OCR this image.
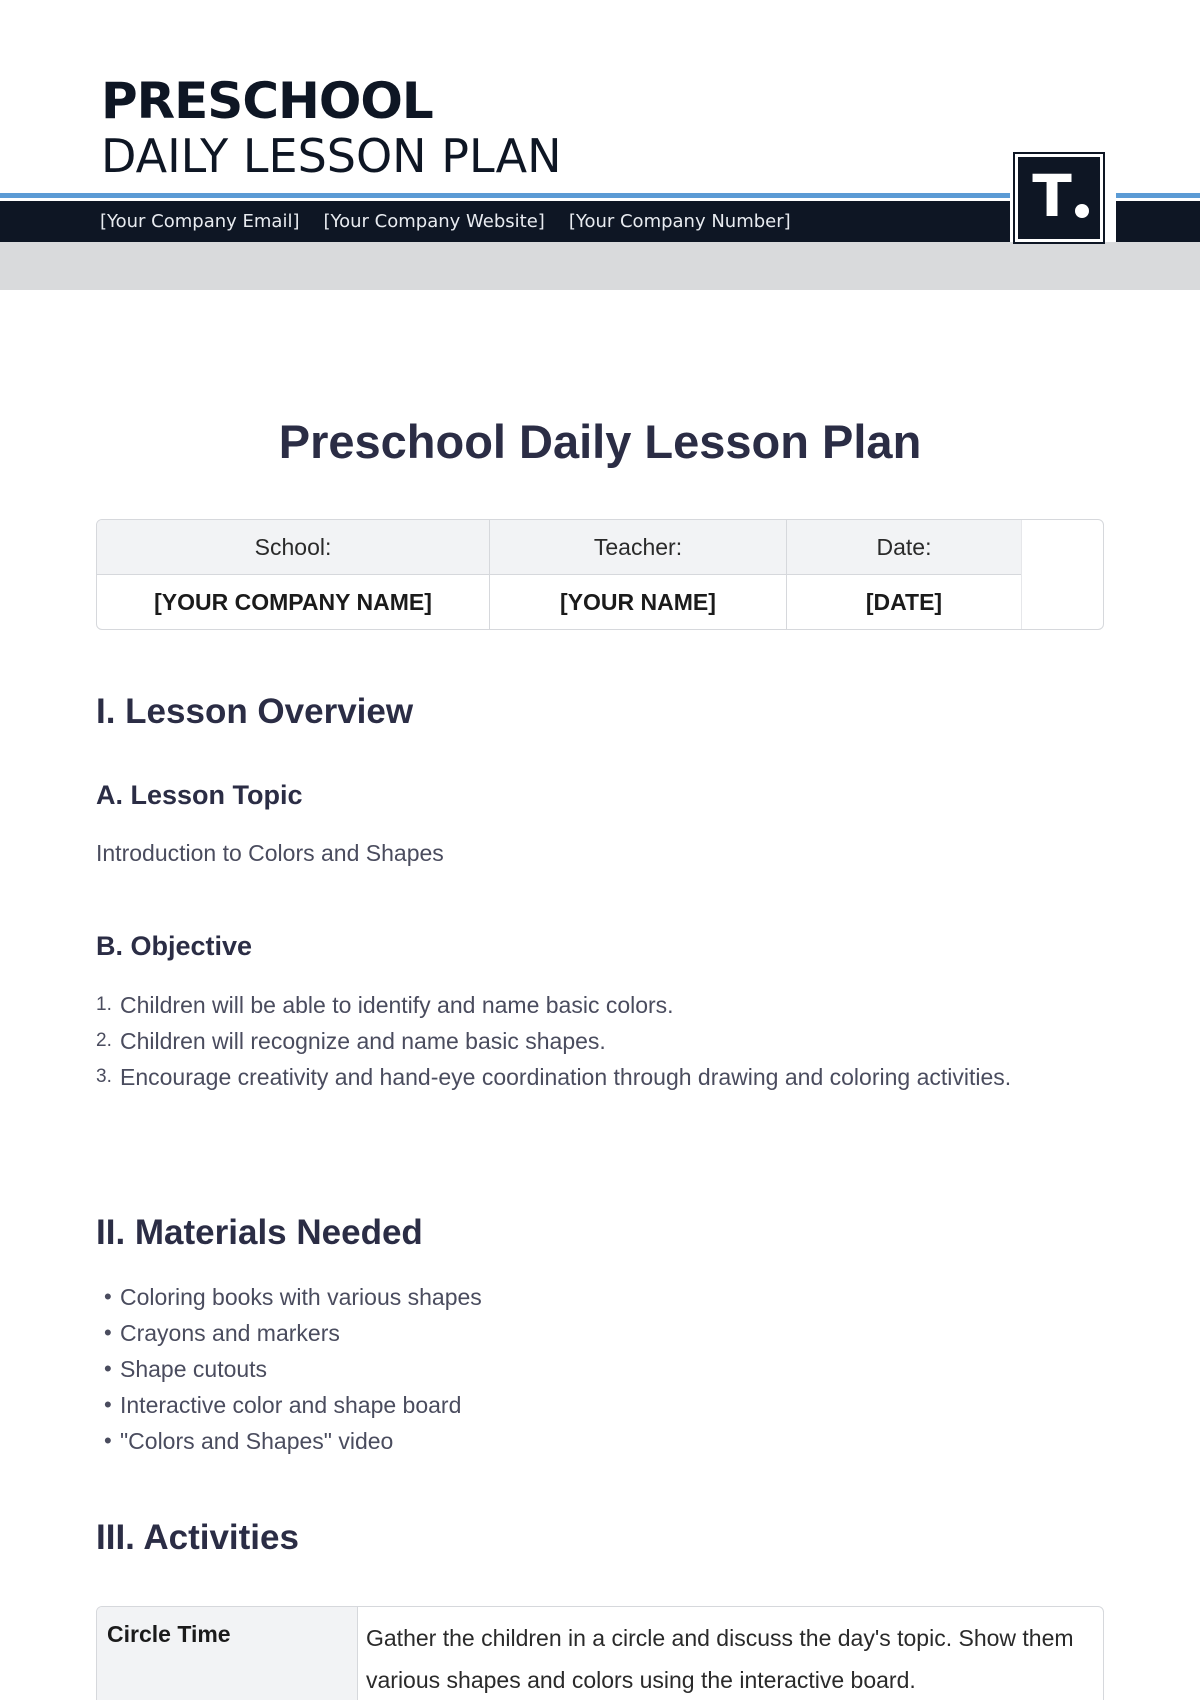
PRESCHOOL
DAILY LESSON PLAN
[Your Company Email] [Your Company Website] [Your Company Number]	T
Preschool Daily Lesson Plan
School:
[YOUR COMPANY NAME]
Teacher:
[YOUR NAME]
Date:
[DATE]
I. Lesson Overview
A. Lesson Topic
Introduction to Colors and Shapes
B. Objective
1. Children will be able to identify and name basic colors.
2. Children will recognize and name basic shapes.
3. Encourage creativity and hand-eye coordination through drawing and coloring activities.
II. Materials Needed
• Coloring books with various shapes
• Crayons and markers
• Shape cutouts
• Interactive color and shape board
• "Colors and Shapes" video
III. Activities
Circle Time	Gather the children in a circle and discuss the day's topic. Show them various shapes and colors using the interactive board.
